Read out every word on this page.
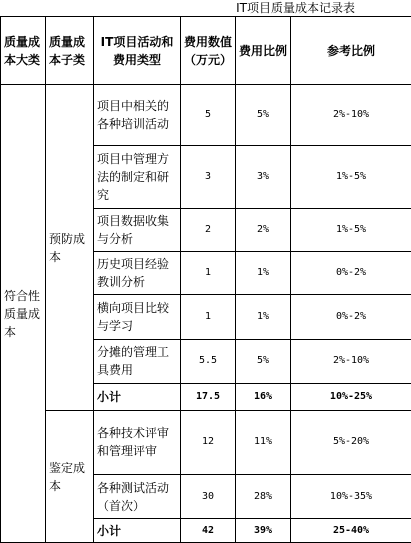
IT项目质量成本记录表
质量成本大类	质量成本子类	IT项目活动和费用类型	费用数值（万元）	费用比例	参考比例
符合性质量成本	预防成本	项目中相关的各种培训活动	5	5%	2%-10%
		项目中管理方法的制定和研究	3	3%	1%-5%
		项目数据收集与分析	2	2%	1%-5%
		历史项目经验教训分析	1	1%	0%-2%
		横向项目比较与学习	1	1%	0%-2%
		分摊的管理工具费用	5.5	5%	2%-10%
		小计	17.5	16%	10%-25%
	鉴定成本	各种技术评审和管理评审	12	11%	5%-20%
		各种测试活动（首次）	30	28%	10%-35%
		小计	42	39%	25-40%
